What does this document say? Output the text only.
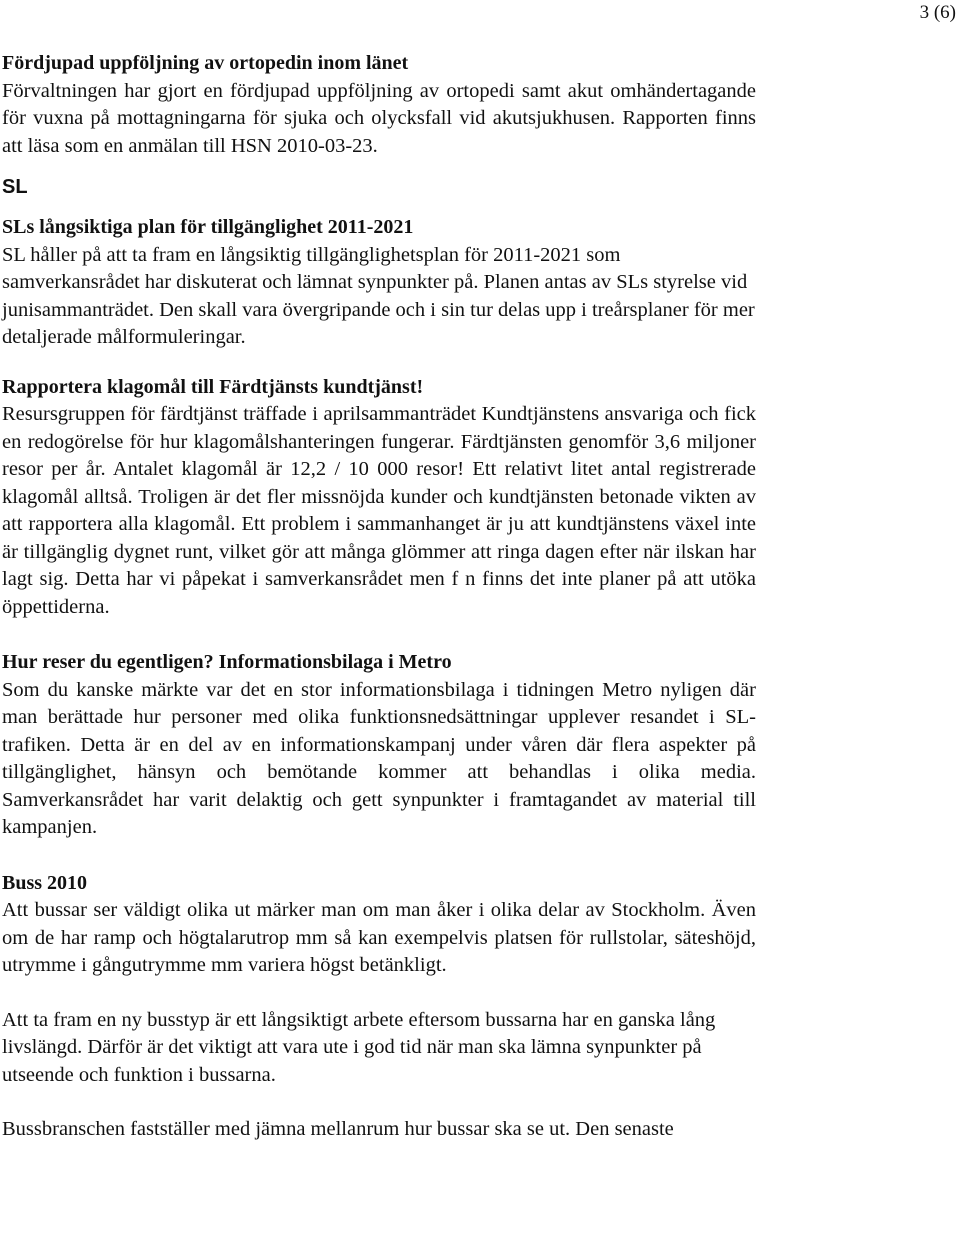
3 (6)
Fördjupad uppföljning av ortopedin inom länet

Förvaltningen har gjort en fördjupad uppföljning av ortopedi samt akut omhändertagande för vuxna på mottagningarna för sjuka och olycksfall vid akutsjukhusen. Rapporten finns att läsa som en anmälan till HSN 2010-03-23.

SL
SLs långsiktiga plan för tillgänglighet 2011-2021

SL håller på att ta fram en långsiktig tillgänglighetsplan för 2011-2021 som samverkansrådet har diskuterat och lämnat synpunkter på. Planen antas av SLs styrelse vid junisammanträdet. Den skall vara övergripande och i sin tur delas upp i treårsplaner för mer detaljerade målformuleringar.

Rapportera klagomål till Färdtjänsts kundtjänst!

Resursgruppen för färdtjänst träffade i aprilsammanträdet Kundtjänstens ansvariga och fick en redogörelse för hur klagomålshanteringen fungerar. Färdtjänsten genomför 3,6 miljoner resor per år. Antalet klagomål är 12,2 / 10 000 resor! Ett relativt litet antal registrerade klagomål alltså. Troligen är det fler missnöjda kunder och kundtjänsten betonade vikten av att rapportera alla klagomål. Ett problem i sammanhanget är ju att kundtjänstens växel inte är tillgänglig dygnet runt, vilket gör att många glömmer att ringa dagen efter när ilskan har lagt sig. Detta har vi påpekat i samverkansrådet men f n finns det inte planer på att utöka öppettiderna.

Hur reser du egentligen? Informationsbilaga i Metro

Som du kanske märkte var det en stor informationsbilaga i tidningen Metro nyligen där man berättade hur personer med olika funktionsnedsättningar upplever resandet i SL-trafiken. Detta är en del av en informationskampanj under våren där flera aspekter på tillgänglighet, hänsyn och bemötande kommer att behandlas i olika media. Samverkansrådet har varit delaktig och gett synpunkter i framtagandet av material till kampanjen.

Buss 2010

Att bussar ser väldigt olika ut märker man om man åker i olika delar av Stockholm. Även om de har ramp och högtalarutrop mm så kan exempelvis platsen för rullstolar, säteshöjd, utrymme i gångutrymme mm variera högst betänkligt.

Att ta fram en ny busstyp är ett långsiktigt arbete eftersom bussarna har en ganska lång livslängd. Därför är det viktigt att vara ute i god tid när man ska lämna synpunkter på utseende och funktion i bussarna.

Bussbranschen fastställer med jämna mellanrum hur bussar ska se ut. Den senaste
